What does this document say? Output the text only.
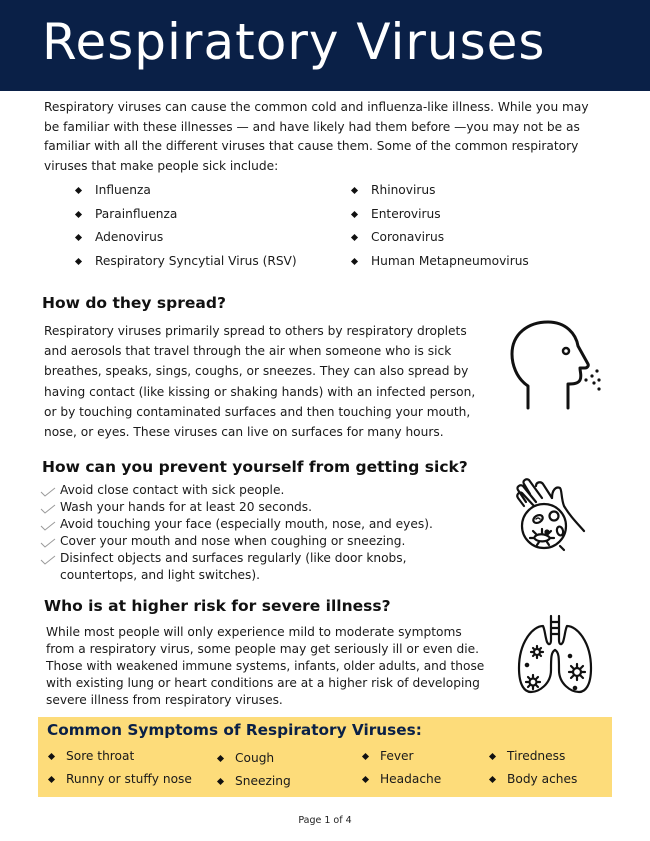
Respiratory Viruses

Respiratory viruses can cause the common cold and influenza-like illness. While you may be familiar with these illnesses — and have likely had them before —you may not be as familiar with all the different viruses that cause them. Some of the common respiratory viruses that make people sick include:

Influenza	Rhinovirus
Parainfluenza	Enterovirus
Adenovirus	Coronavirus
Respiratory Syncytial Virus (RSV)	Human Metapneumovirus
How do they spread?

Respiratory viruses primarily spread to others by respiratory droplets and aerosols that travel through the air when someone who is sick breathes, speaks, sings, coughs, or sneezes. They can also spread by having contact (like kissing or shaking hands) with an infected person, or by touching contaminated surfaces and then touching your mouth, nose, or eyes. These viruses can live on surfaces for many hours.

How can you prevent yourself from getting sick?
Avoid close contact with sick people.
Wash your hands for at least 20 seconds.
Avoid touching your face (especially mouth, nose, and eyes).
Cover your mouth and nose when coughing or sneezing.
Disinfect objects and surfaces regularly (like door knobs, countertops, and light switches).
Who is at higher risk for severe illness?

While most people will only experience mild to moderate symptoms from a respiratory virus, some people may get seriously ill or even die. Those with weakened immune systems, infants, older adults, and those with existing lung or heart conditions are at a higher risk of developing severe illness from respiratory viruses.

Common Symptoms of Respiratory Viruses:
Sore throat
Runny or stuffy nose
Cough
Sneezing
Fever
Headache
Tiredness
Body aches
Page 1 of 4
